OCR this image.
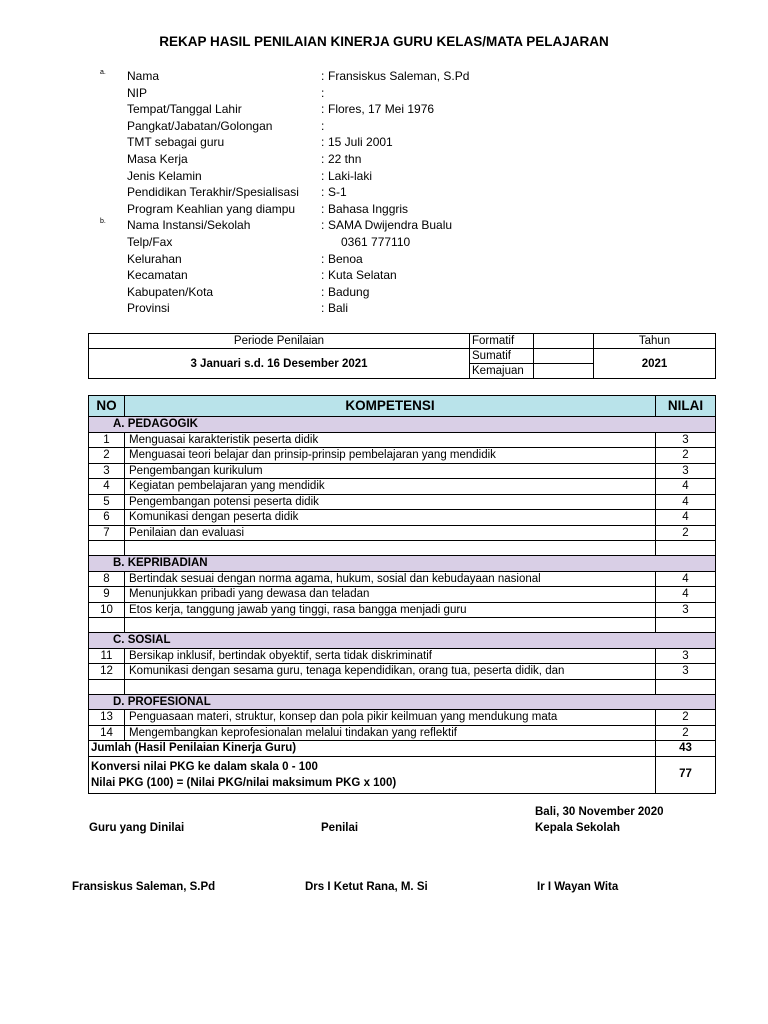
REKAP HASIL PENILAIAN KINERJA GURU KELAS/MATA PELAJARAN
a. Nama	: Fransiskus Saleman, S.Pd
NIP	:
Tempat/Tanggal Lahir	: Flores, 17 Mei 1976
Pangkat/Jabatan/Golongan	:
TMT sebagai guru	: 15 Juli 2001
Masa Kerja	: 22 thn
Jenis Kelamin	: Laki-laki
Pendidikan Terakhir/Spesialisasi : S-1
Program Keahlian yang diampu : Bahasa Inggris
b. Nama Instansi/Sekolah	: SAMA Dwijendra Bualu
Telp/Fax	0361 777110
Kelurahan	: Benoa
Kecamatan	: Kuta Selatan
Kabupaten/Kota	: Badung
Provinsi	: Bali
Periode Penilaian	Formatif		Tahun
3 Januari s.d. 16 Desember 2021	Sumatif		2021
	Kemajuan		
NO	KOMPETENSI	NILAI
A. PEDAGOGIK		
1	Menguasai karakteristik peserta didik	3
2	Menguasai teori belajar dan prinsip-prinsip pembelajaran yang mendidik	2
3	Pengembangan kurikulum	3
4	Kegiatan pembelajaran yang mendidik	4
5	Pengembangan potensi peserta didik	4
6	Komunikasi dengan peserta didik	4
7	Penilaian dan evaluasi	2

B. KEPRIBADIAN		
8	Bertindak sesuai dengan norma agama, hukum, sosial dan kebudayaan nasional	4
9	Menunjukkan pribadi yang dewasa dan teladan	4
10	Etos kerja, tanggung jawab yang tinggi, rasa bangga menjadi guru	3

C. SOSIAL		
11	Bersikap inklusif, bertindak obyektif, serta tidak diskriminatif	3
12	Komunikasi dengan sesama guru, tenaga kependidikan, orang tua, peserta didik, dan	3

D. PROFESIONAL		
13	Penguasaan materi, struktur, konsep dan pola pikir keilmuan yang mendukung mata	2
14	Mengembangkan keprofesionalan melalui tindakan yang reflektif	2
Jumlah (Hasil Penilaian Kinerja Guru)		43

Konversi nilai PKG ke dalam skala 0 - 100
Nilai PKG (100) = (Nilai PKG/nilai maksimum PKG x 100)		77
Bali, 30 November 2020
Guru yang Dinilai	Penilai	Kepala Sekolah
Fransiskus Saleman, S.Pd	Drs I Ketut Rana, M. Si	Ir I Wayan Wita
